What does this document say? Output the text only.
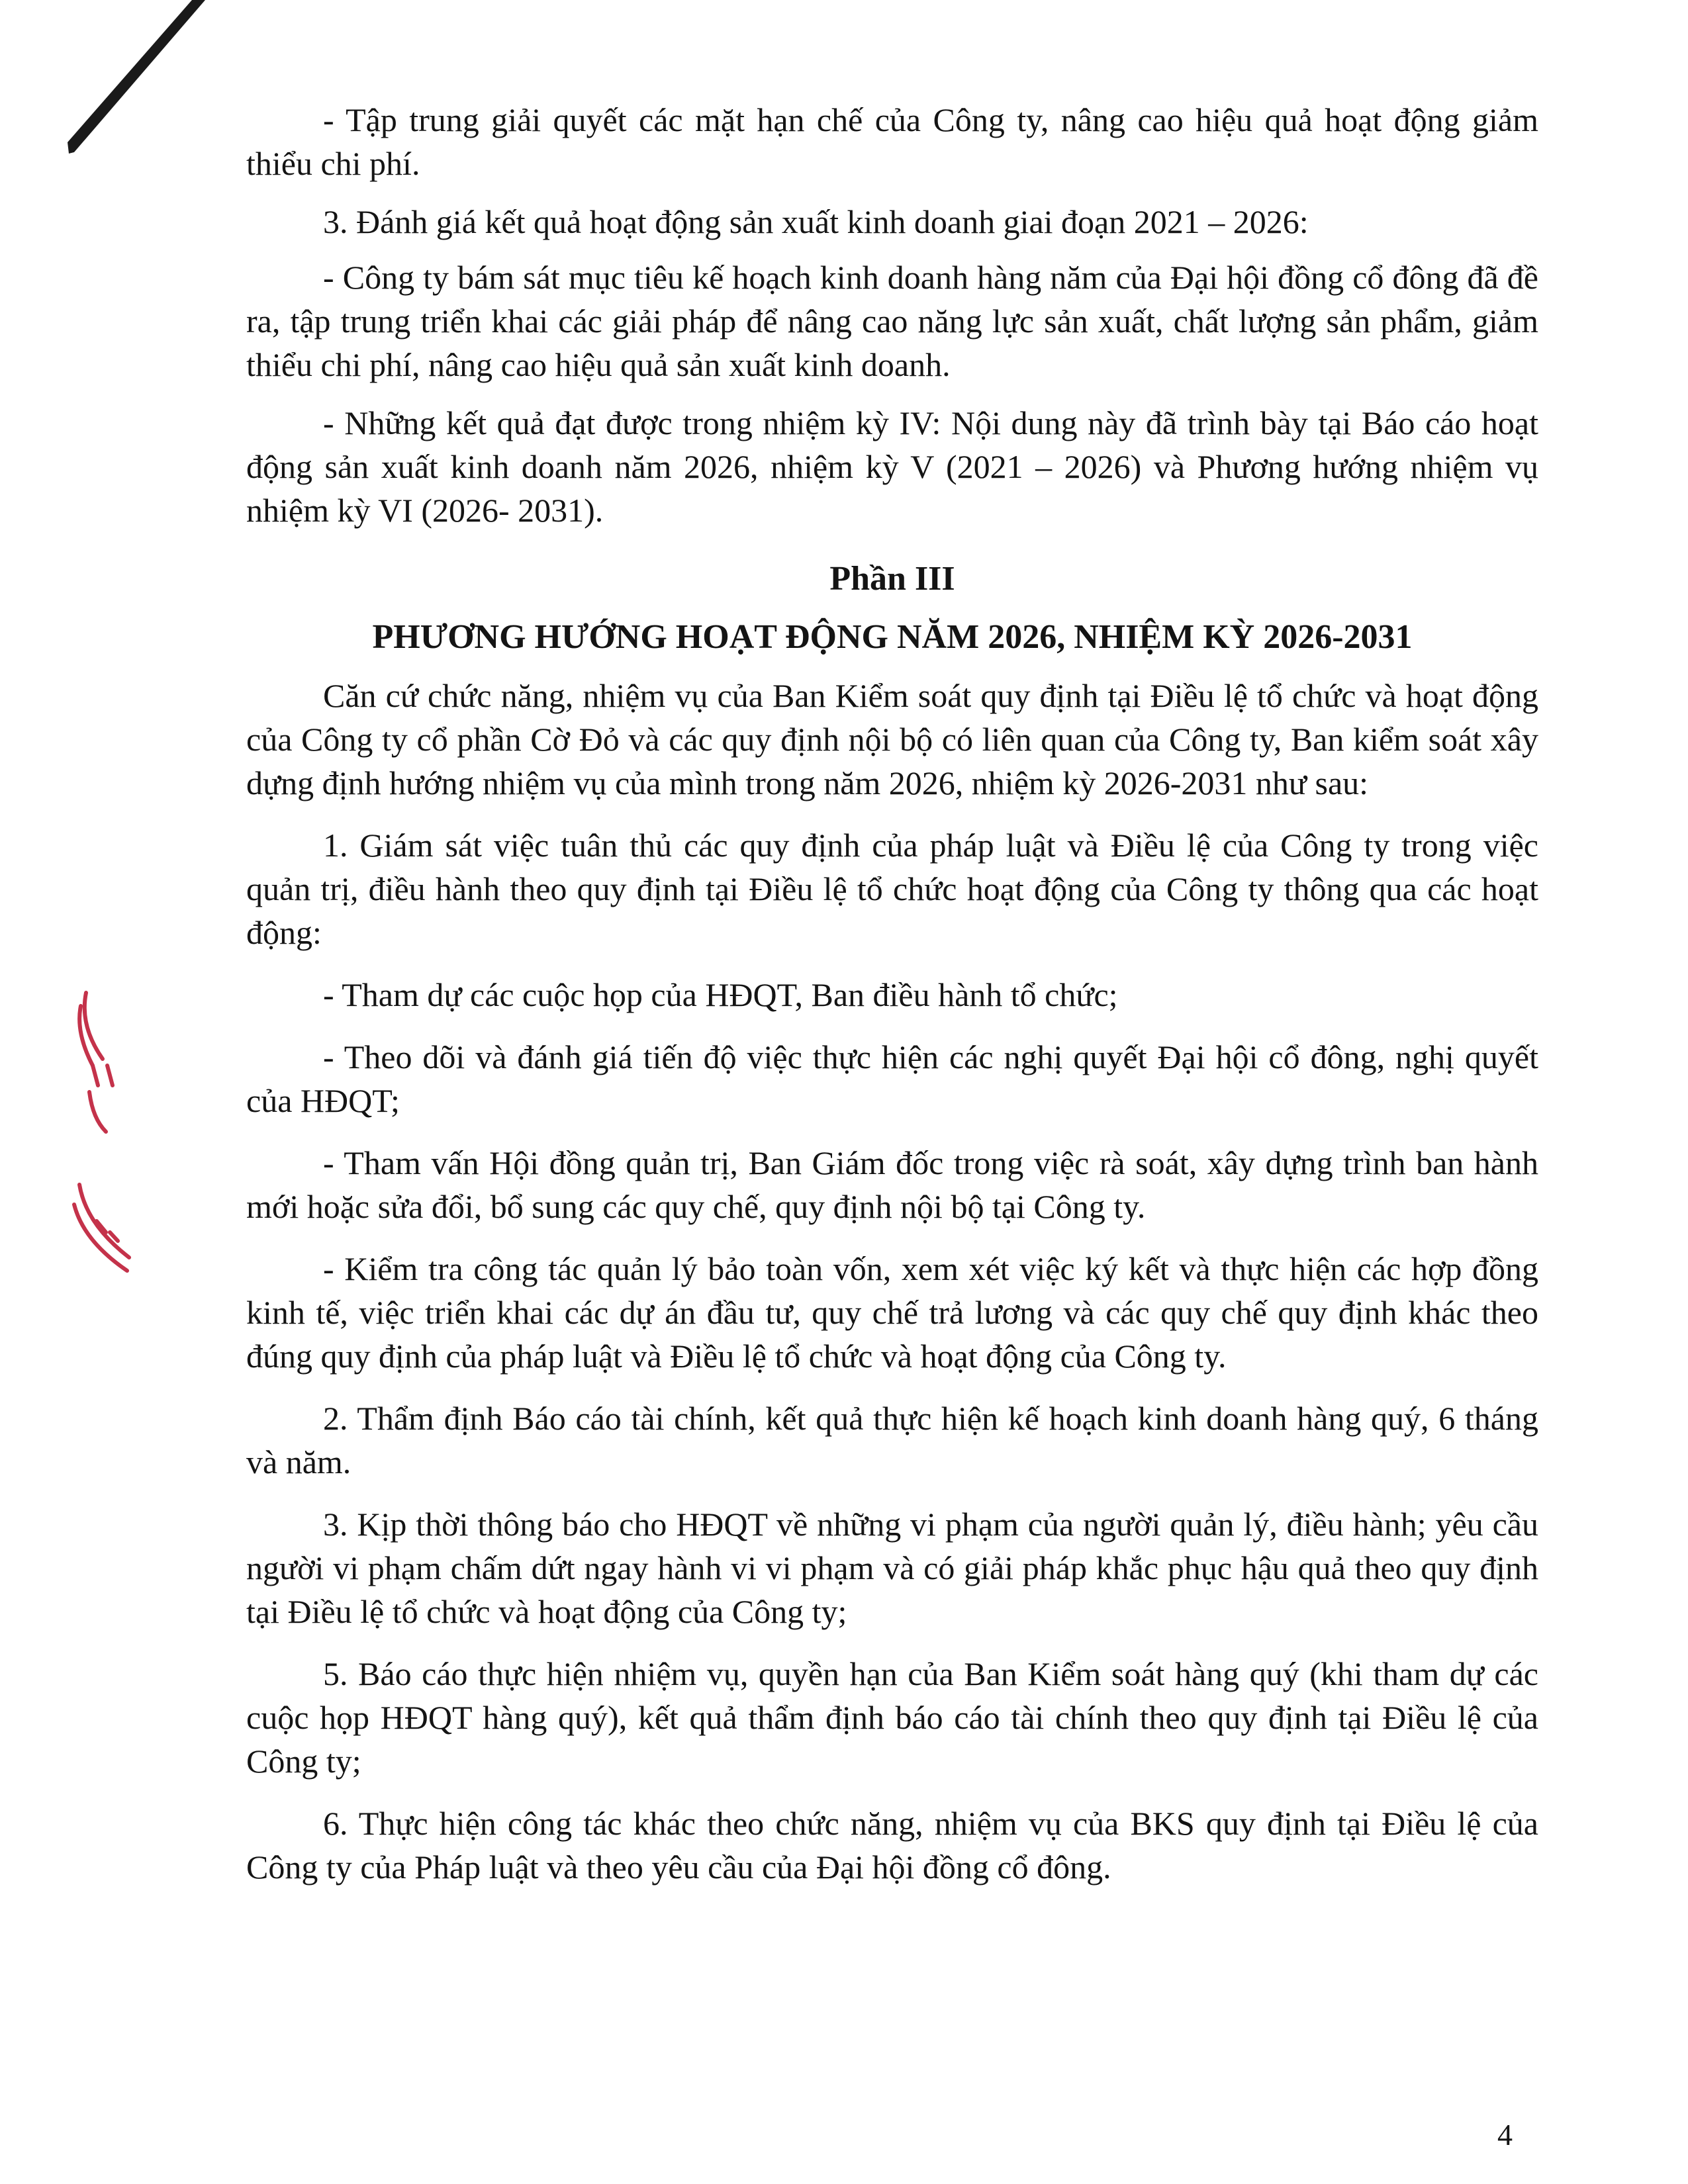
- Tập trung giải quyết các mặt hạn chế của Công ty, nâng cao hiệu quả hoạt động giảm thiểu chi phí.

3. Đánh giá kết quả hoạt động sản xuất kinh doanh giai đoạn 2021 – 2026:

- Công ty bám sát mục tiêu kế hoạch kinh doanh hàng năm của Đại hội đồng cổ đông đã đề ra, tập trung triển khai các giải pháp để nâng cao năng lực sản xuất, chất lượng sản phẩm, giảm thiểu chi phí, nâng cao hiệu quả sản xuất kinh doanh.

- Những kết quả đạt được trong nhiệm kỳ IV: Nội dung này đã trình bày tại Báo cáo hoạt động sản xuất kinh doanh năm 2026, nhiệm kỳ V (2021 – 2026) và Phương hướng nhiệm vụ nhiệm kỳ VI (2026- 2031).

Phần III

PHƯƠNG HƯỚNG HOẠT ĐỘNG NĂM 2026, NHIỆM KỲ 2026-2031

Căn cứ chức năng, nhiệm vụ của Ban Kiểm soát quy định tại Điều lệ tổ chức và hoạt động của Công ty cổ phần Cờ Đỏ và các quy định nội bộ có liên quan của Công ty, Ban kiểm soát xây dựng định hướng nhiệm vụ của mình trong năm 2026, nhiệm kỳ 2026-2031 như sau:

1. Giám sát việc tuân thủ các quy định của pháp luật và Điều lệ của Công ty trong việc quản trị, điều hành theo quy định tại Điều lệ tổ chức hoạt động của Công ty thông qua các hoạt động:

- Tham dự các cuộc họp của HĐQT, Ban điều hành tổ chức;

- Theo dõi và đánh giá tiến độ việc thực hiện các nghị quyết Đại hội cổ đông, nghị quyết của HĐQT;

- Tham vấn Hội đồng quản trị, Ban Giám đốc trong việc rà soát, xây dựng trình ban hành mới hoặc sửa đổi, bổ sung các quy chế, quy định nội bộ tại Công ty.

- Kiểm tra công tác quản lý bảo toàn vốn, xem xét việc ký kết và thực hiện các hợp đồng kinh tế, việc triển khai các dự án đầu tư, quy chế trả lương và các quy chế quy định khác theo đúng quy định của pháp luật và Điều lệ tổ chức và hoạt động của Công ty.

2. Thẩm định Báo cáo tài chính, kết quả thực hiện kế hoạch kinh doanh hàng quý, 6 tháng và năm.

3. Kịp thời thông báo cho HĐQT về những vi phạm của người quản lý, điều hành; yêu cầu người vi phạm chấm dứt ngay hành vi vi phạm và có giải pháp khắc phục hậu quả theo quy định tại Điều lệ tổ chức và hoạt động của Công ty;

5. Báo cáo thực hiện nhiệm vụ, quyền hạn của Ban Kiểm soát hàng quý (khi tham dự các cuộc họp HĐQT hàng quý), kết quả thẩm định báo cáo tài chính theo quy định tại Điều lệ của Công ty;

6. Thực hiện công tác khác theo chức năng, nhiệm vụ của BKS quy định tại Điều lệ của Công ty của Pháp luật và theo yêu cầu của Đại hội đồng cổ đông.

4
